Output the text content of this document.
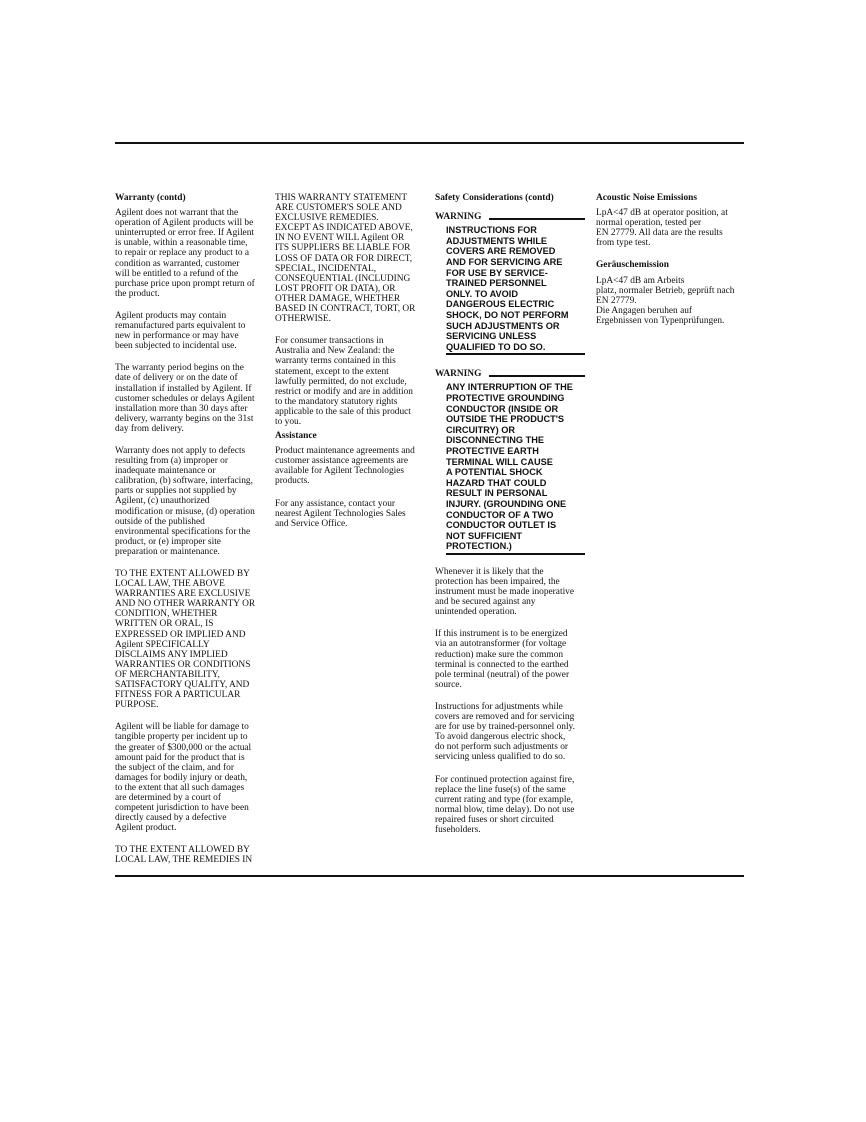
Warranty (contd)

Agilent does not warrant that the
operation of Agilent products will be
uninterrupted or error free. If Agilent
is unable, within a reasonable time,
to repair or replace any product to a
condition as warranted, customer
will be entitled to a refund of the
purchase price upon prompt return of
the product.

Agilent products may contain
remanufactured parts equivalent to
new in performance or may have
been subjected to incidental use.

The warranty period begins on the
date of delivery or on the date of
installation if installed by Agilent. If
customer schedules or delays Agilent
installation more than 30 days after
delivery, warranty begins on the 31st
day from delivery.

Warranty does not apply to defects
resulting from (a) improper or
inadequate maintenance or
calibration, (b) software, interfacing,
parts or supplies not supplied by
Agilent, (c) unauthorized
modification or misuse, (d) operation
outside of the published
environmental specifications for the
product, or (e) improper site
preparation or maintenance.

TO THE EXTENT ALLOWED BY
LOCAL LAW, THE ABOVE
WARRANTIES ARE EXCLUSIVE
AND NO OTHER WARRANTY OR
CONDITION, WHETHER
WRITTEN OR ORAL, IS
EXPRESSED OR IMPLIED AND
Agilent SPECIFICALLY
DISCLAIMS ANY IMPLIED
WARRANTIES OR CONDITIONS
OF MERCHANTABILITY,
SATISFACTORY QUALITY, AND
FITNESS FOR A PARTICULAR
PURPOSE.

Agilent will be liable for damage to
tangible property per incident up to
the greater of $300,000 or the actual
amount paid for the product that is
the subject of the claim, and for
damages for bodily injury or death,
to the extent that all such damages
are determined by a court of
competent jurisdiction to have been
directly caused by a defective
Agilent product.

TO THE EXTENT ALLOWED BY
LOCAL LAW, THE REMEDIES IN

THIS WARRANTY STATEMENT
ARE CUSTOMER'S SOLE AND
EXCLUSIVE REMEDIES.
EXCEPT AS INDICATED ABOVE,
IN NO EVENT WILL Agilent OR
ITS SUPPLIERS BE LIABLE FOR
LOSS OF DATA OR FOR DIRECT,
SPECIAL, INCIDENTAL,
CONSEQUENTIAL (INCLUDING
LOST PROFIT OR DATA), OR
OTHER DAMAGE, WHETHER
BASED IN CONTRACT, TORT, OR
OTHERWISE.

For consumer transactions in
Australia and New Zealand: the
warranty terms contained in this
statement, except to the extent
lawfully permitted, do not exclude,
restrict or modify and are in addition
to the mandatory statutory rights
applicable to the sale of this product
to you.

Assistance

Product maintenance agreements and
customer assistance agreements are
available for Agilent Technologies
products.

For any assistance, contact your
nearest Agilent Technologies Sales
and Service Office.

Safety Considerations (contd)
WARNING
INSTRUCTIONS FOR
ADJUSTMENTS WHILE
COVERS ARE REMOVED
AND FOR SERVICING ARE
FOR USE BY SERVICE-
TRAINED PERSONNEL
ONLY. TO AVOID
DANGEROUS ELECTRIC
SHOCK, DO NOT PERFORM
SUCH ADJUSTMENTS OR
SERVICING UNLESS
QUALIFIED TO DO SO.
WARNING
ANY INTERRUPTION OF THE
PROTECTIVE GROUNDING
CONDUCTOR (INSIDE OR
OUTSIDE THE PRODUCT'S
CIRCUITRY) OR
DISCONNECTING THE
PROTECTIVE EARTH
TERMINAL WILL CAUSE
A POTENTIAL SHOCK
HAZARD THAT COULD
RESULT IN PERSONAL
INJURY. (GROUNDING ONE
CONDUCTOR OF A TWO
CONDUCTOR OUTLET IS
NOT SUFFICIENT
PROTECTION.)

Whenever it is likely that the
protection has been impaired, the
instrument must be made inoperative
and be secured against any
unintended operation.

If this instrument is to be energized
via an autotransformer (for voltage
reduction) make sure the common
terminal is connected to the earthed
pole terminal (neutral) of the power
source.

Instructions for adjustments while
covers are removed and for servicing
are for use by trained-personnel only.
To avoid dangerous electric shock,
do not perform such adjustments or
servicing unless qualified to do so.

For continued protection against fire,
replace the line fuse(s) of the same
current rating and type (for example,
normal blow, time delay). Do not use
repaired fuses or short circuited
fuseholders.

Acoustic Noise Emissions

LpA<47 dB at operator position, at
normal operation, tested per
EN 27779. All data are the results
from type test.

Geräuschemission

LpA<47 dB am Arbeits
platz, normaler Betrieb, geprüft nach
EN 27779.
Die Angagen beruhen auf
Ergebnissen von Typenprüfungen.
